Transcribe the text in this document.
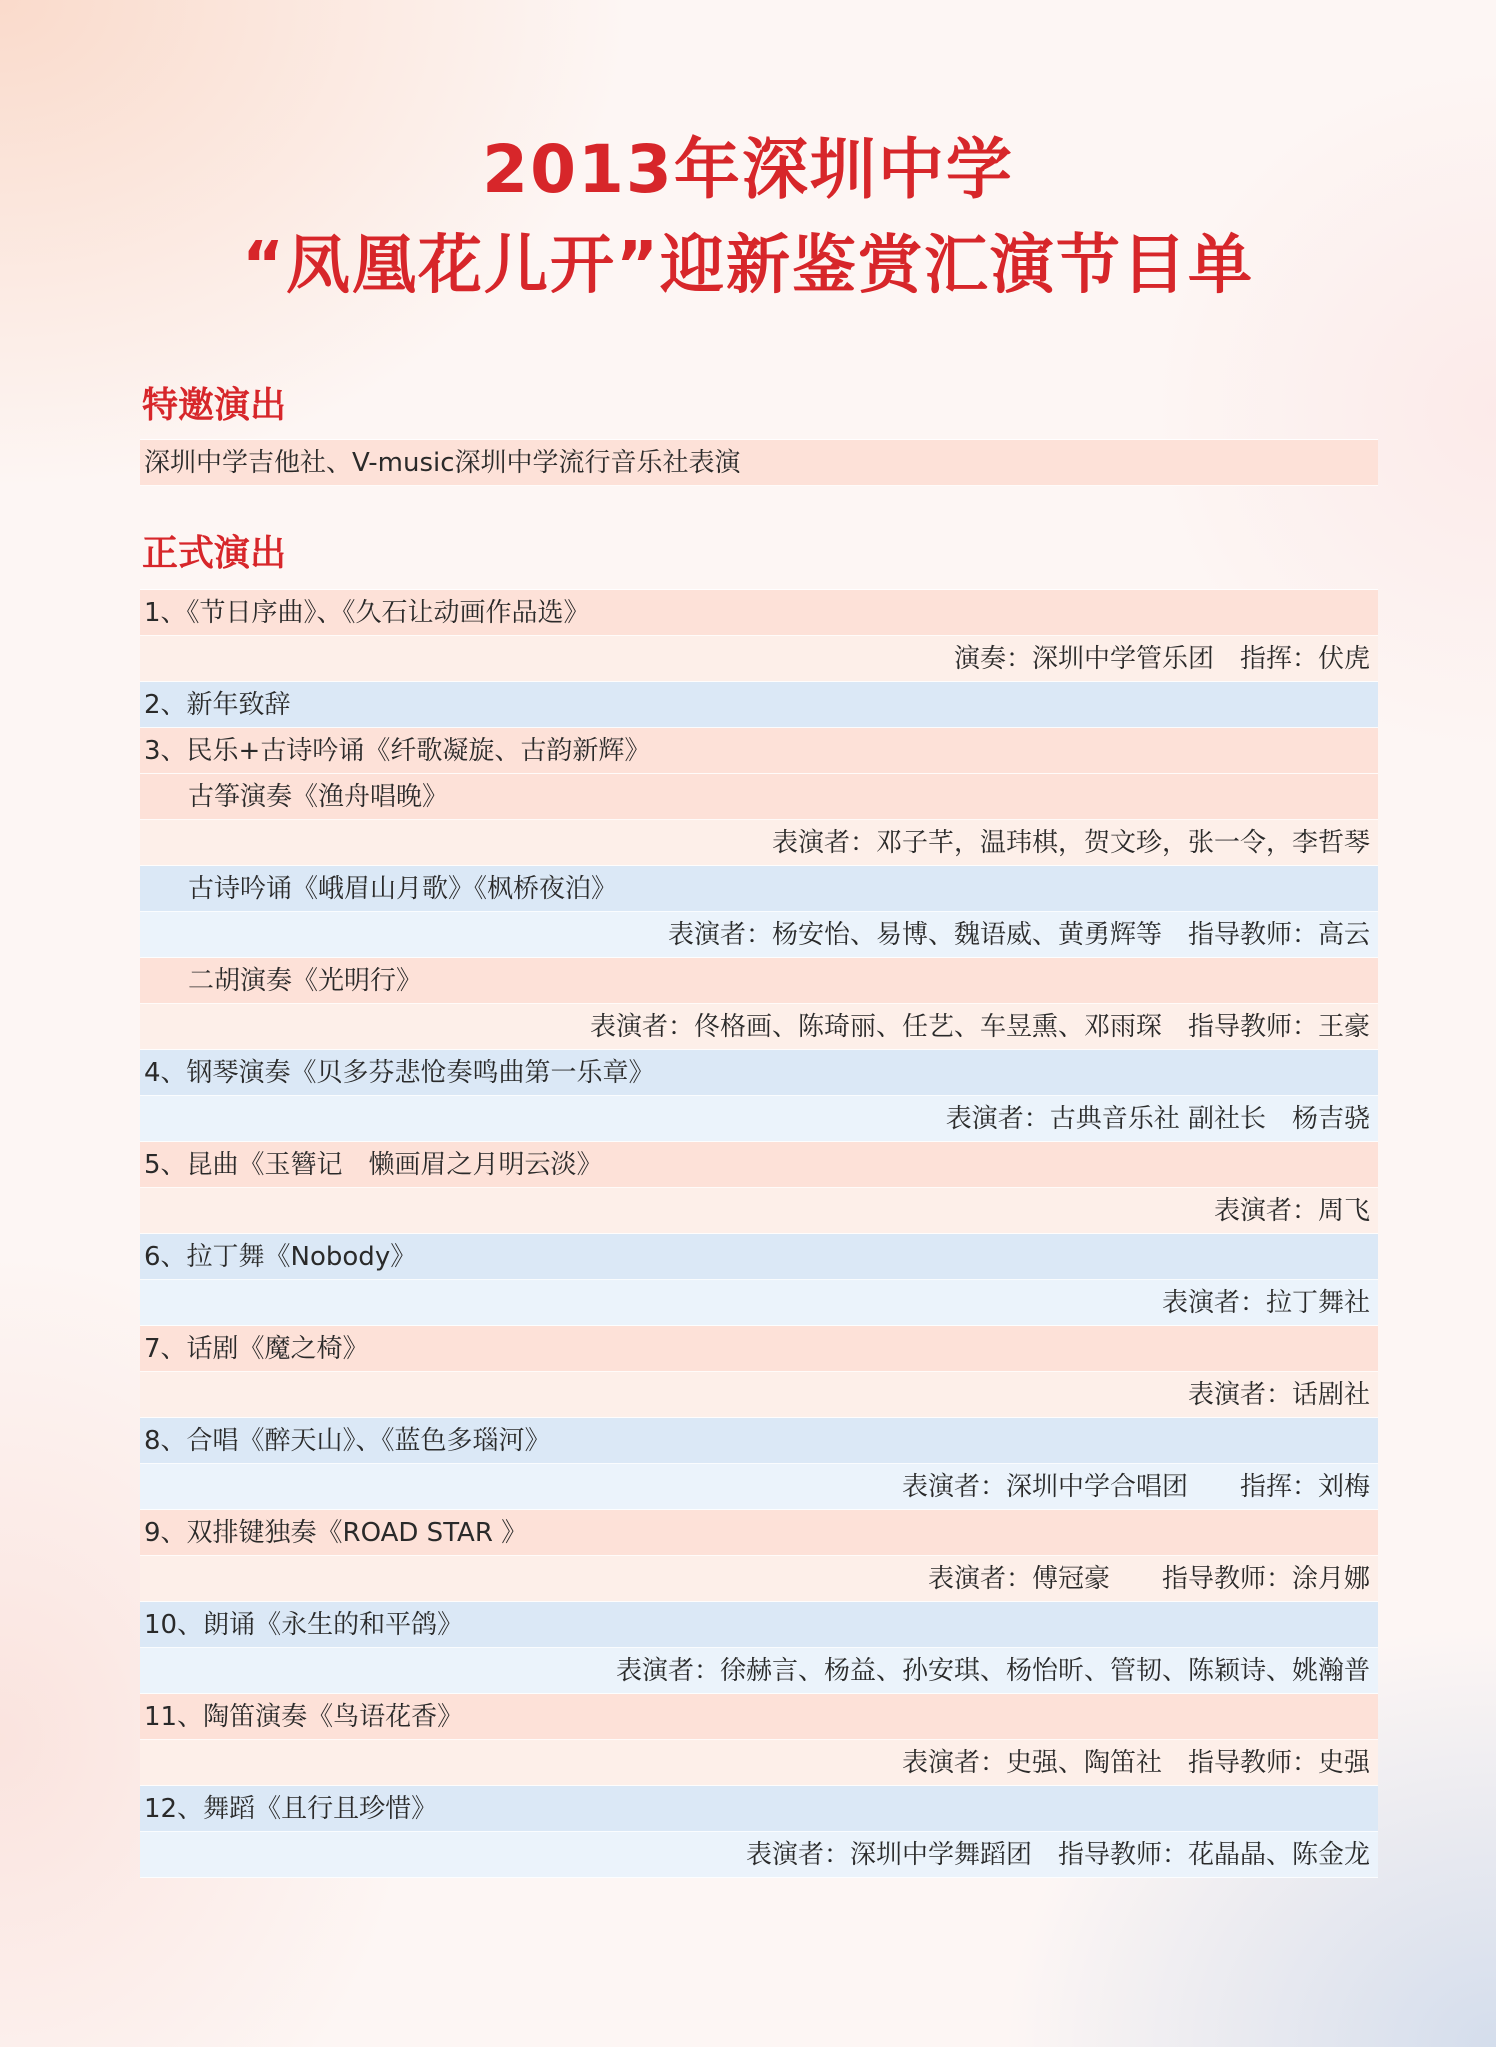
2013年深圳中学
“凤凰花儿开”迎新鉴赏汇演节目单
特邀演出
深圳中学吉他社、V-music深圳中学流行音乐社表演
正式演出
1、《节日序曲》、《久石让动画作品选》
演奏：深圳中学管乐团　指挥：伏虎
2、新年致辞
3、民乐+古诗吟诵《纤歌凝旋、古韵新辉》
古筝演奏《渔舟唱晚》
表演者：邓子芊，温玮棋，贺文珍，张一令，李哲琴
古诗吟诵《峨眉山月歌》《枫桥夜泊》
表演者：杨安怡、易博、魏语威、黄勇辉等　指导教师：高云
二胡演奏《光明行》
表演者：佟格画、陈琦丽、任艺、车昱熏、邓雨琛　指导教师：王豪
4、钢琴演奏《贝多芬悲怆奏鸣曲第一乐章》
表演者：古典音乐社 副社长　杨吉骁
5、昆曲《玉簪记　懒画眉之月明云淡》
表演者：周飞
6、拉丁舞《Nobody》
表演者：拉丁舞社
7、话剧《魔之椅》
表演者：话剧社
8、合唱《醉天山》、《蓝色多瑙河》
表演者：深圳中学合唱团　　指挥：刘梅
9、双排键独奏《ROAD STAR 》
表演者：傅冠豪　　指导教师：涂月娜
10、朗诵《永生的和平鸽》
表演者：徐赫言、杨益、孙安琪、杨怡昕、管韧、陈颖诗、姚瀚普
11、陶笛演奏《鸟语花香》
表演者：史强、陶笛社　指导教师：史强
12、舞蹈《且行且珍惜》
表演者：深圳中学舞蹈团　指导教师：花晶晶、陈金龙
